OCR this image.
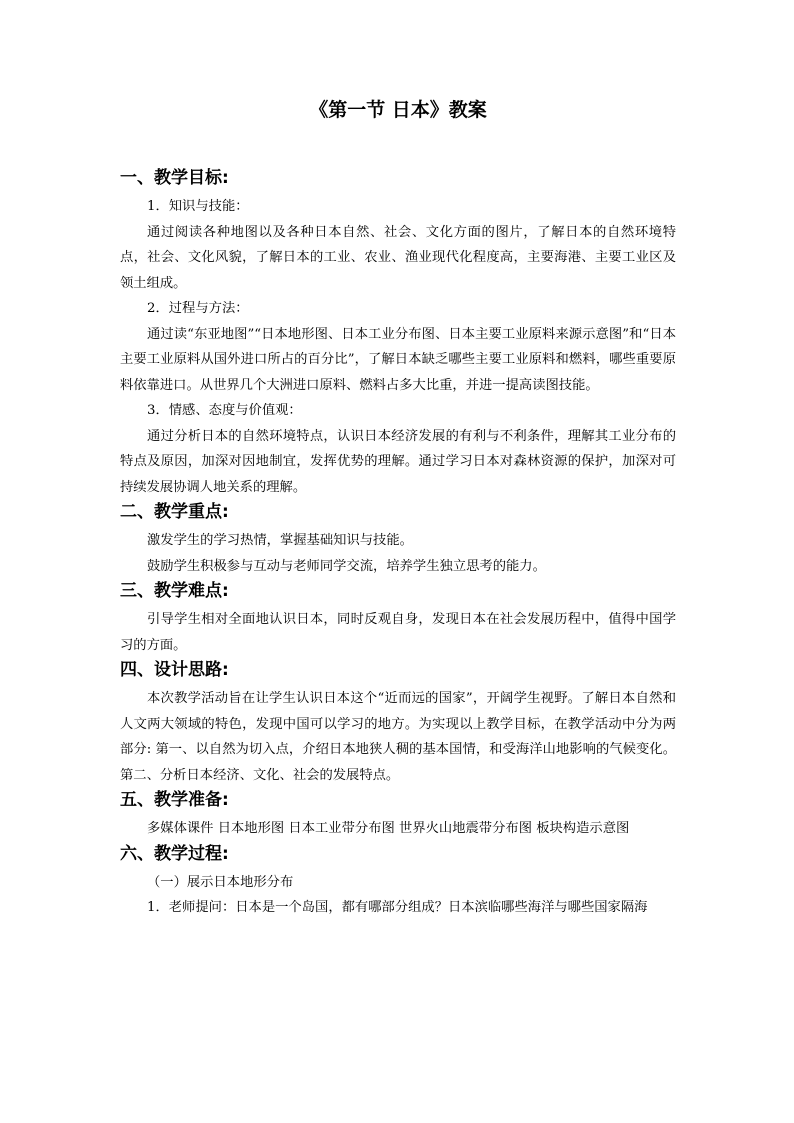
《第一节 日本》教案
一、教学目标:

1．知识与技能：

通过阅读各种地图以及各种日本自然、社会、文化方面的图片，了解日本的自然环境特点，社会、文化风貌，了解日本的工业、农业、渔业现代化程度高，主要海港、主要工业区及领土组成。

2．过程与方法：

通过读“东亚地图”“日本地形图、日本工业分布图、日本主要工业原料来源示意图”和“日本主要工业原料从国外进口所占的百分比”，了解日本缺乏哪些主要工业原料和燃料，哪些重要原料依靠进口。从世界几个大洲进口原料、燃料占多大比重，并进一提高读图技能。

3．情感、态度与价值观：

通过分析日本的自然环境特点，认识日本经济发展的有利与不利条件，理解其工业分布的特点及原因，加深对因地制宜，发挥优势的理解。通过学习日本对森林资源的保护，加深对可持续发展协调人地关系的理解。

二、教学重点:

激发学生的学习热情，掌握基础知识与技能。

鼓励学生积极参与互动与老师同学交流，培养学生独立思考的能力。

三、教学难点:

引导学生相对全面地认识日本，同时反观自身，发现日本在社会发展历程中，值得中国学习的方面。

四、设计思路:

本次教学活动旨在让学生认识日本这个“近而远的国家”，开阔学生视野。了解日本自然和人文两大领域的特色，发现中国可以学习的地方。为实现以上教学目标，在教学活动中分为两部分: 第一、以自然为切入点，介绍日本地狭人稠的基本国情，和受海洋山地影响的气候变化。第二、分析日本经济、文化、社会的发展特点。

五、教学准备:

多媒体课件 日本地形图 日本工业带分布图 世界火山地震带分布图 板块构造示意图

六、教学过程:

（一）展示日本地形分布

1．老师提问：日本是一个岛国，都有哪部分组成？日本滨临哪些海洋与哪些国家隔海
